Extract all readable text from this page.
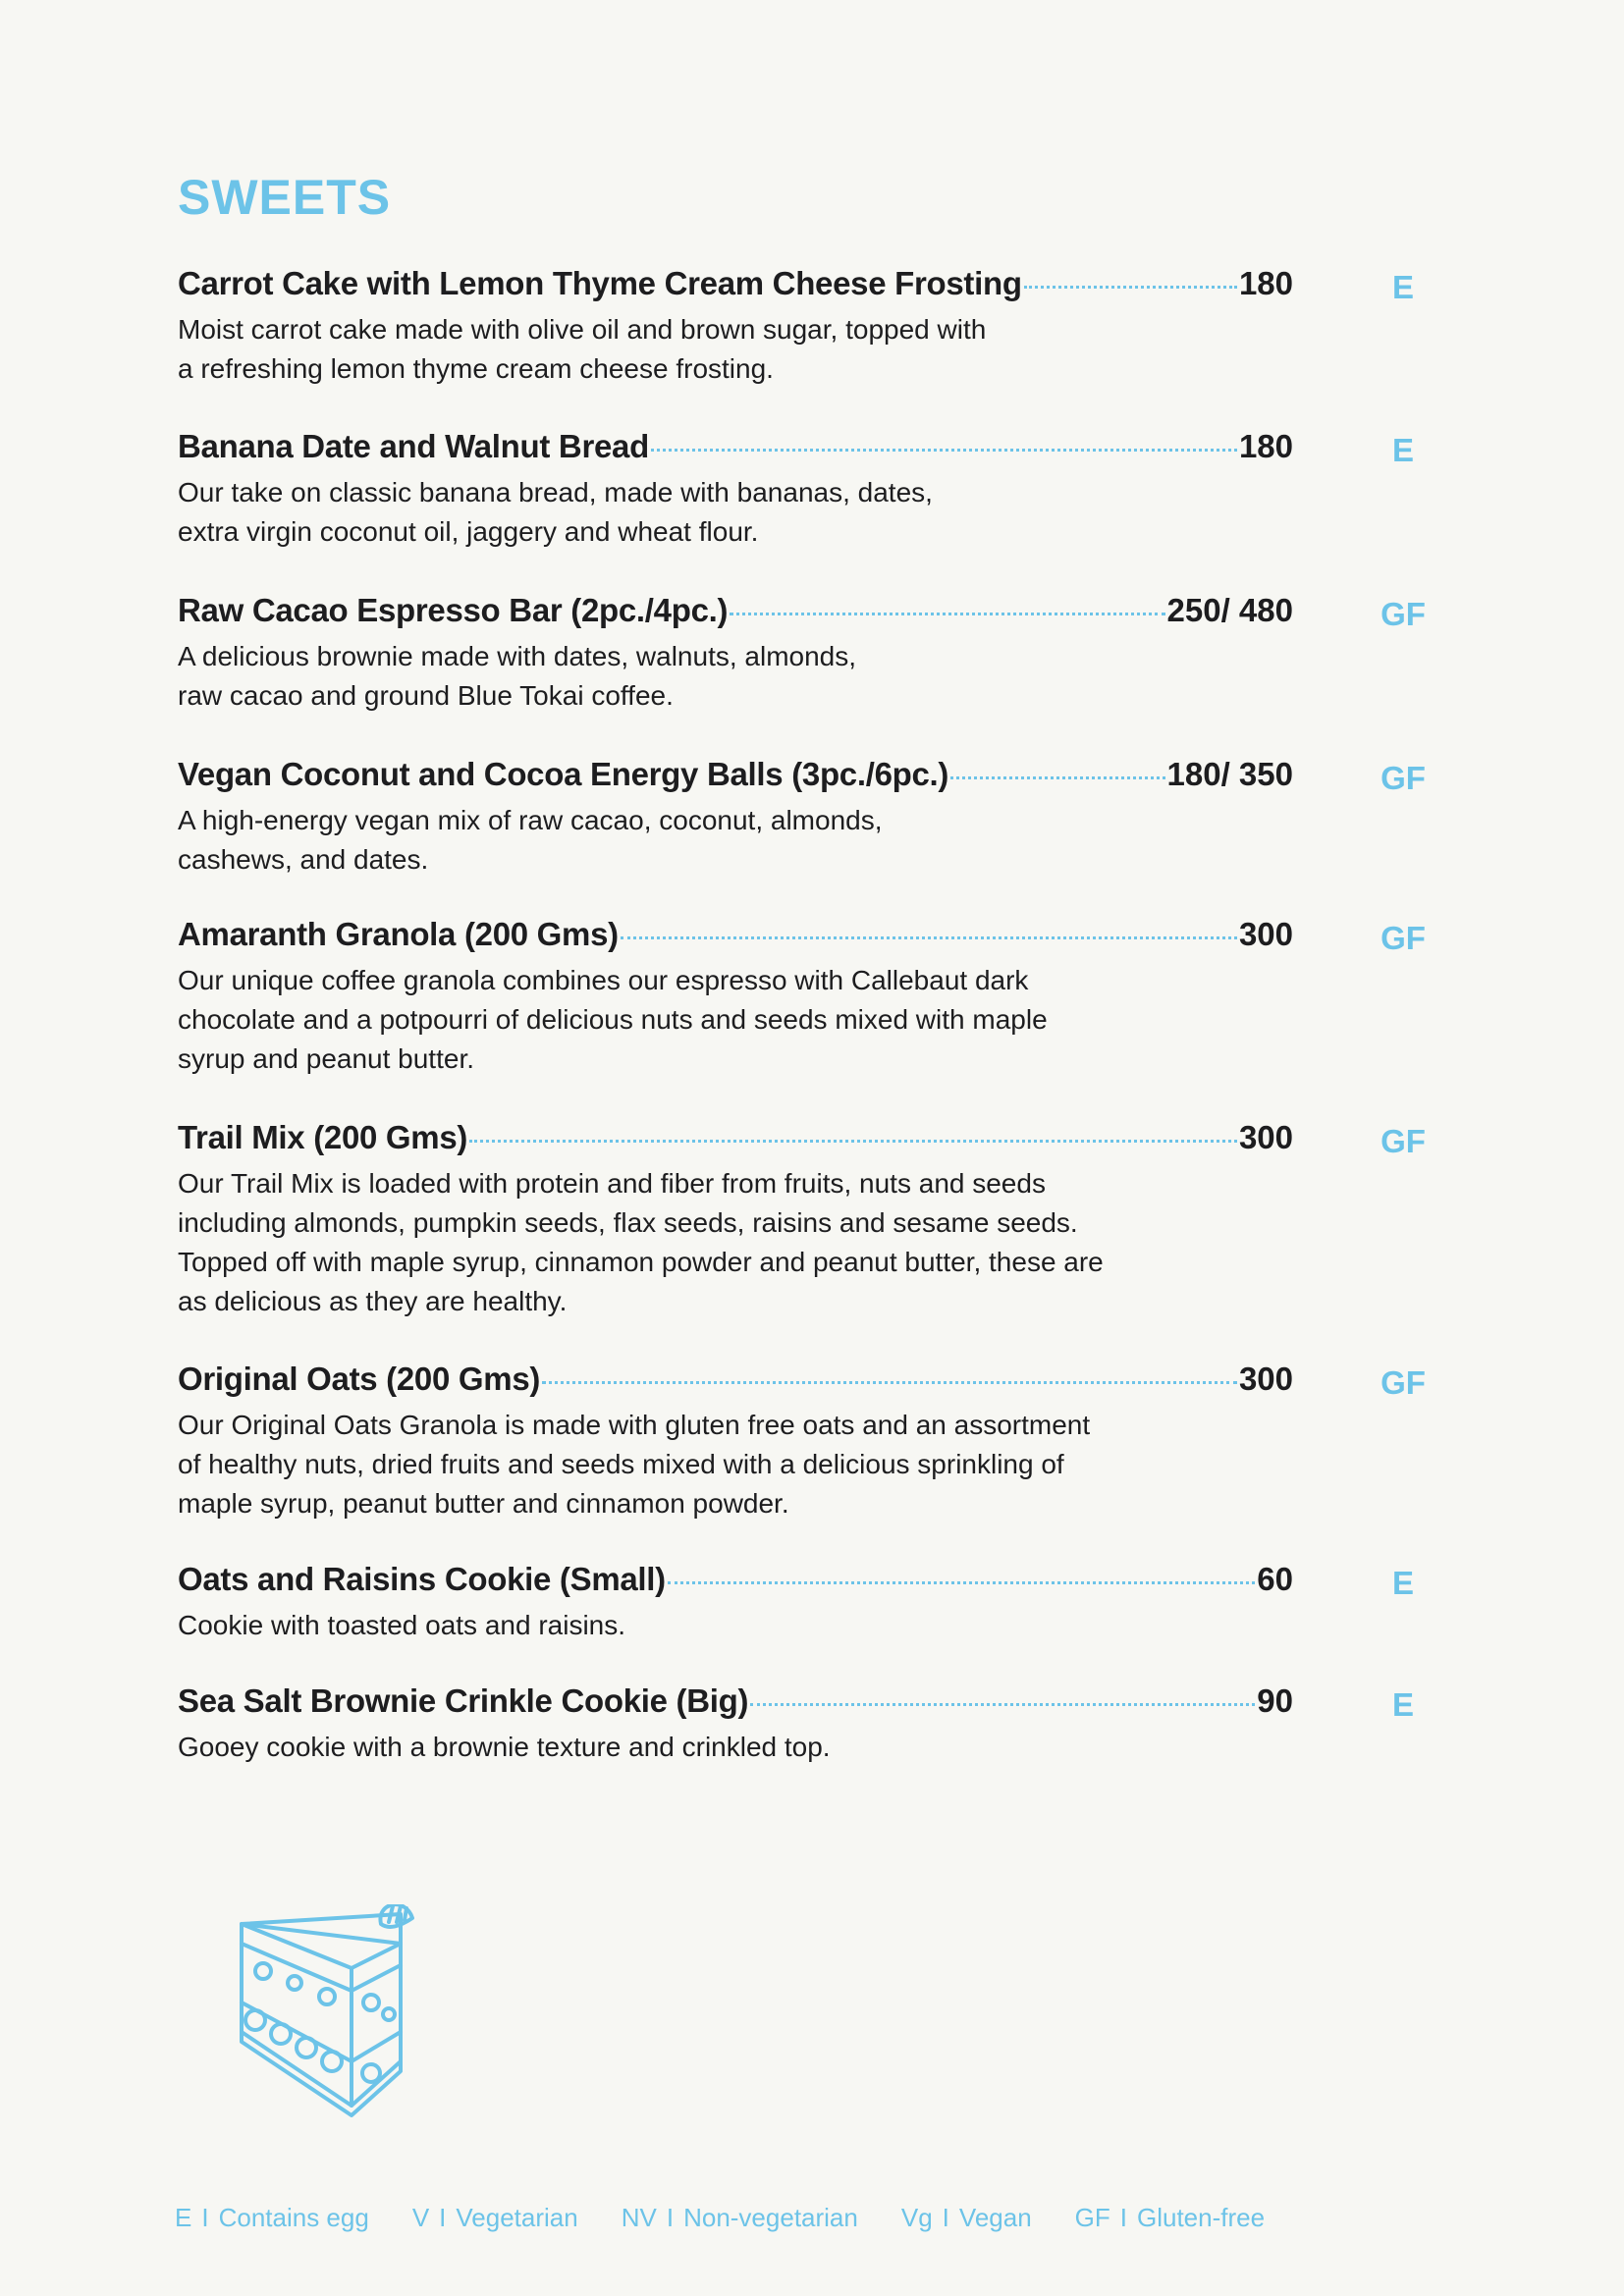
SWEETS
Carrot Cake with Lemon Thyme Cream Cheese Frosting	180	E
Moist carrot cake made with olive oil and brown sugar, topped with
a refreshing lemon thyme cream cheese frosting.
Banana Date and Walnut Bread	180	E
Our take on classic banana bread, made with bananas, dates,
extra virgin coconut oil, jaggery and wheat flour.
Raw Cacao Espresso Bar (2pc./4pc.)	250/ 480	GF
A delicious brownie made with dates, walnuts, almonds,
raw cacao and ground Blue Tokai coffee.
Vegan Coconut and Cocoa Energy Balls (3pc./6pc.)	180/ 350	GF
A high-energy vegan mix of raw cacao, coconut, almonds,
cashews, and dates.
Amaranth Granola (200 Gms)	300	GF
Our unique coffee granola combines our espresso with Callebaut dark
chocolate and a potpourri of delicious nuts and seeds mixed with maple
syrup and peanut butter.
Trail Mix (200 Gms)	300	GF
Our Trail Mix is loaded with protein and fiber from fruits, nuts and seeds
including almonds, pumpkin seeds, flax seeds, raisins and sesame seeds.
Topped off with maple syrup, cinnamon powder and peanut butter, these are
as delicious as they are healthy.
Original Oats (200 Gms)	300	GF
Our Original Oats Granola is made with gluten free oats and an assortment
of healthy nuts, dried fruits and seeds mixed with a delicious sprinkling of
maple syrup, peanut butter and cinnamon powder.
Oats and Raisins Cookie (Small)	60	E
Cookie with toasted oats and raisins.
Sea Salt Brownie Crinkle Cookie (Big)	90	E
Gooey cookie with a brownie texture and crinkled top.
E I Contains egg V I Vegetarian NV I Non-vegetarian Vg I Vegan GF I Gluten-free
